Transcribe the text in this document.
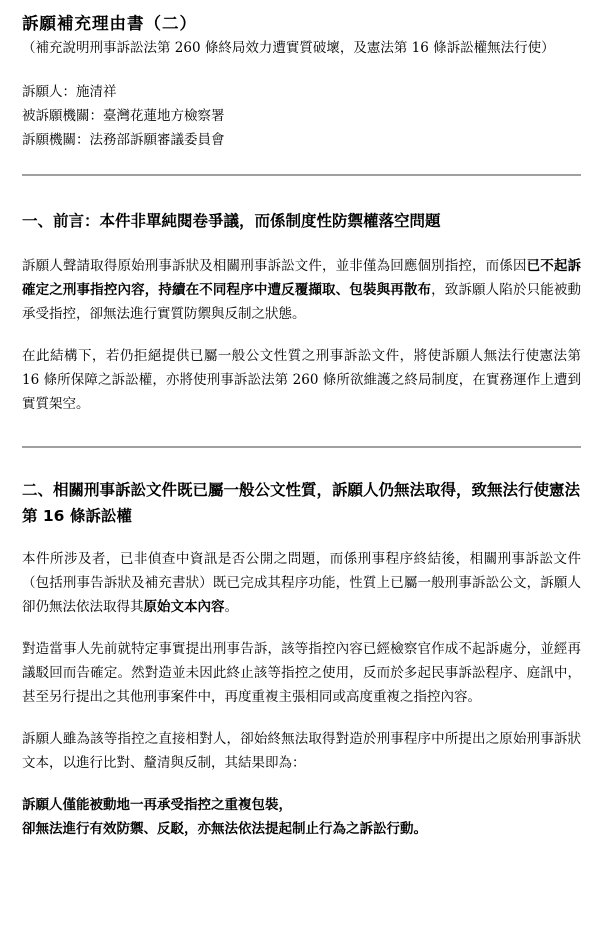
訴願補充理由書（二）

（補充說明刑事訴訟法第 260 條終局效力遭實質破壞，及憲法第 16 條訴訟權無法行使）

訴願人：施清祥
被訴願機關：臺灣花蓮地方檢察署
訴願機關：法務部訴願審議委員會
一、前言：本件非單純閱卷爭議，而係制度性防禦權落空問題

訴願人聲請取得原始刑事訴狀及相關刑事訴訟文件，並非僅為回應個別指控，而係因已不起訴確定之刑事指控內容，持續在不同程序中遭反覆擷取、包裝與再散布，致訴願人陷於只能被動承受指控，卻無法進行實質防禦與反制之狀態。

在此結構下，若仍拒絕提供已屬一般公文性質之刑事訴訟文件，將使訴願人無法行使憲法第 16 條所保障之訴訟權，亦將使刑事訴訟法第 260 條所欲維護之終局制度，在實務運作上遭到實質架空。

二、相關刑事訴訟文件既已屬一般公文性質，訴願人仍無法取得，致無法行使憲法第 16 條訴訟權

本件所涉及者，已非偵查中資訊是否公開之問題，而係刑事程序終結後，相關刑事訴訟文件（包括刑事告訴狀及補充書狀）既已完成其程序功能，性質上已屬一般刑事訴訟公文，訴願人卻仍無法依法取得其原始文本內容。

對造當事人先前就特定事實提出刑事告訴，該等指控內容已經檢察官作成不起訴處分，並經再議駁回而告確定。然對造並未因此終止該等指控之使用，反而於多起民事訴訟程序、庭訊中，甚至另行提出之其他刑事案件中，再度重複主張相同或高度重複之指控內容。

訴願人雖為該等指控之直接相對人，卻始終無法取得對造於刑事程序中所提出之原始刑事訴狀文本，以進行比對、釐清與反制，其結果即為：

訴願人僅能被動地一再承受指控之重複包裝，
卻無法進行有效防禦、反駁，亦無法依法提起制止行為之訴訟行動。
